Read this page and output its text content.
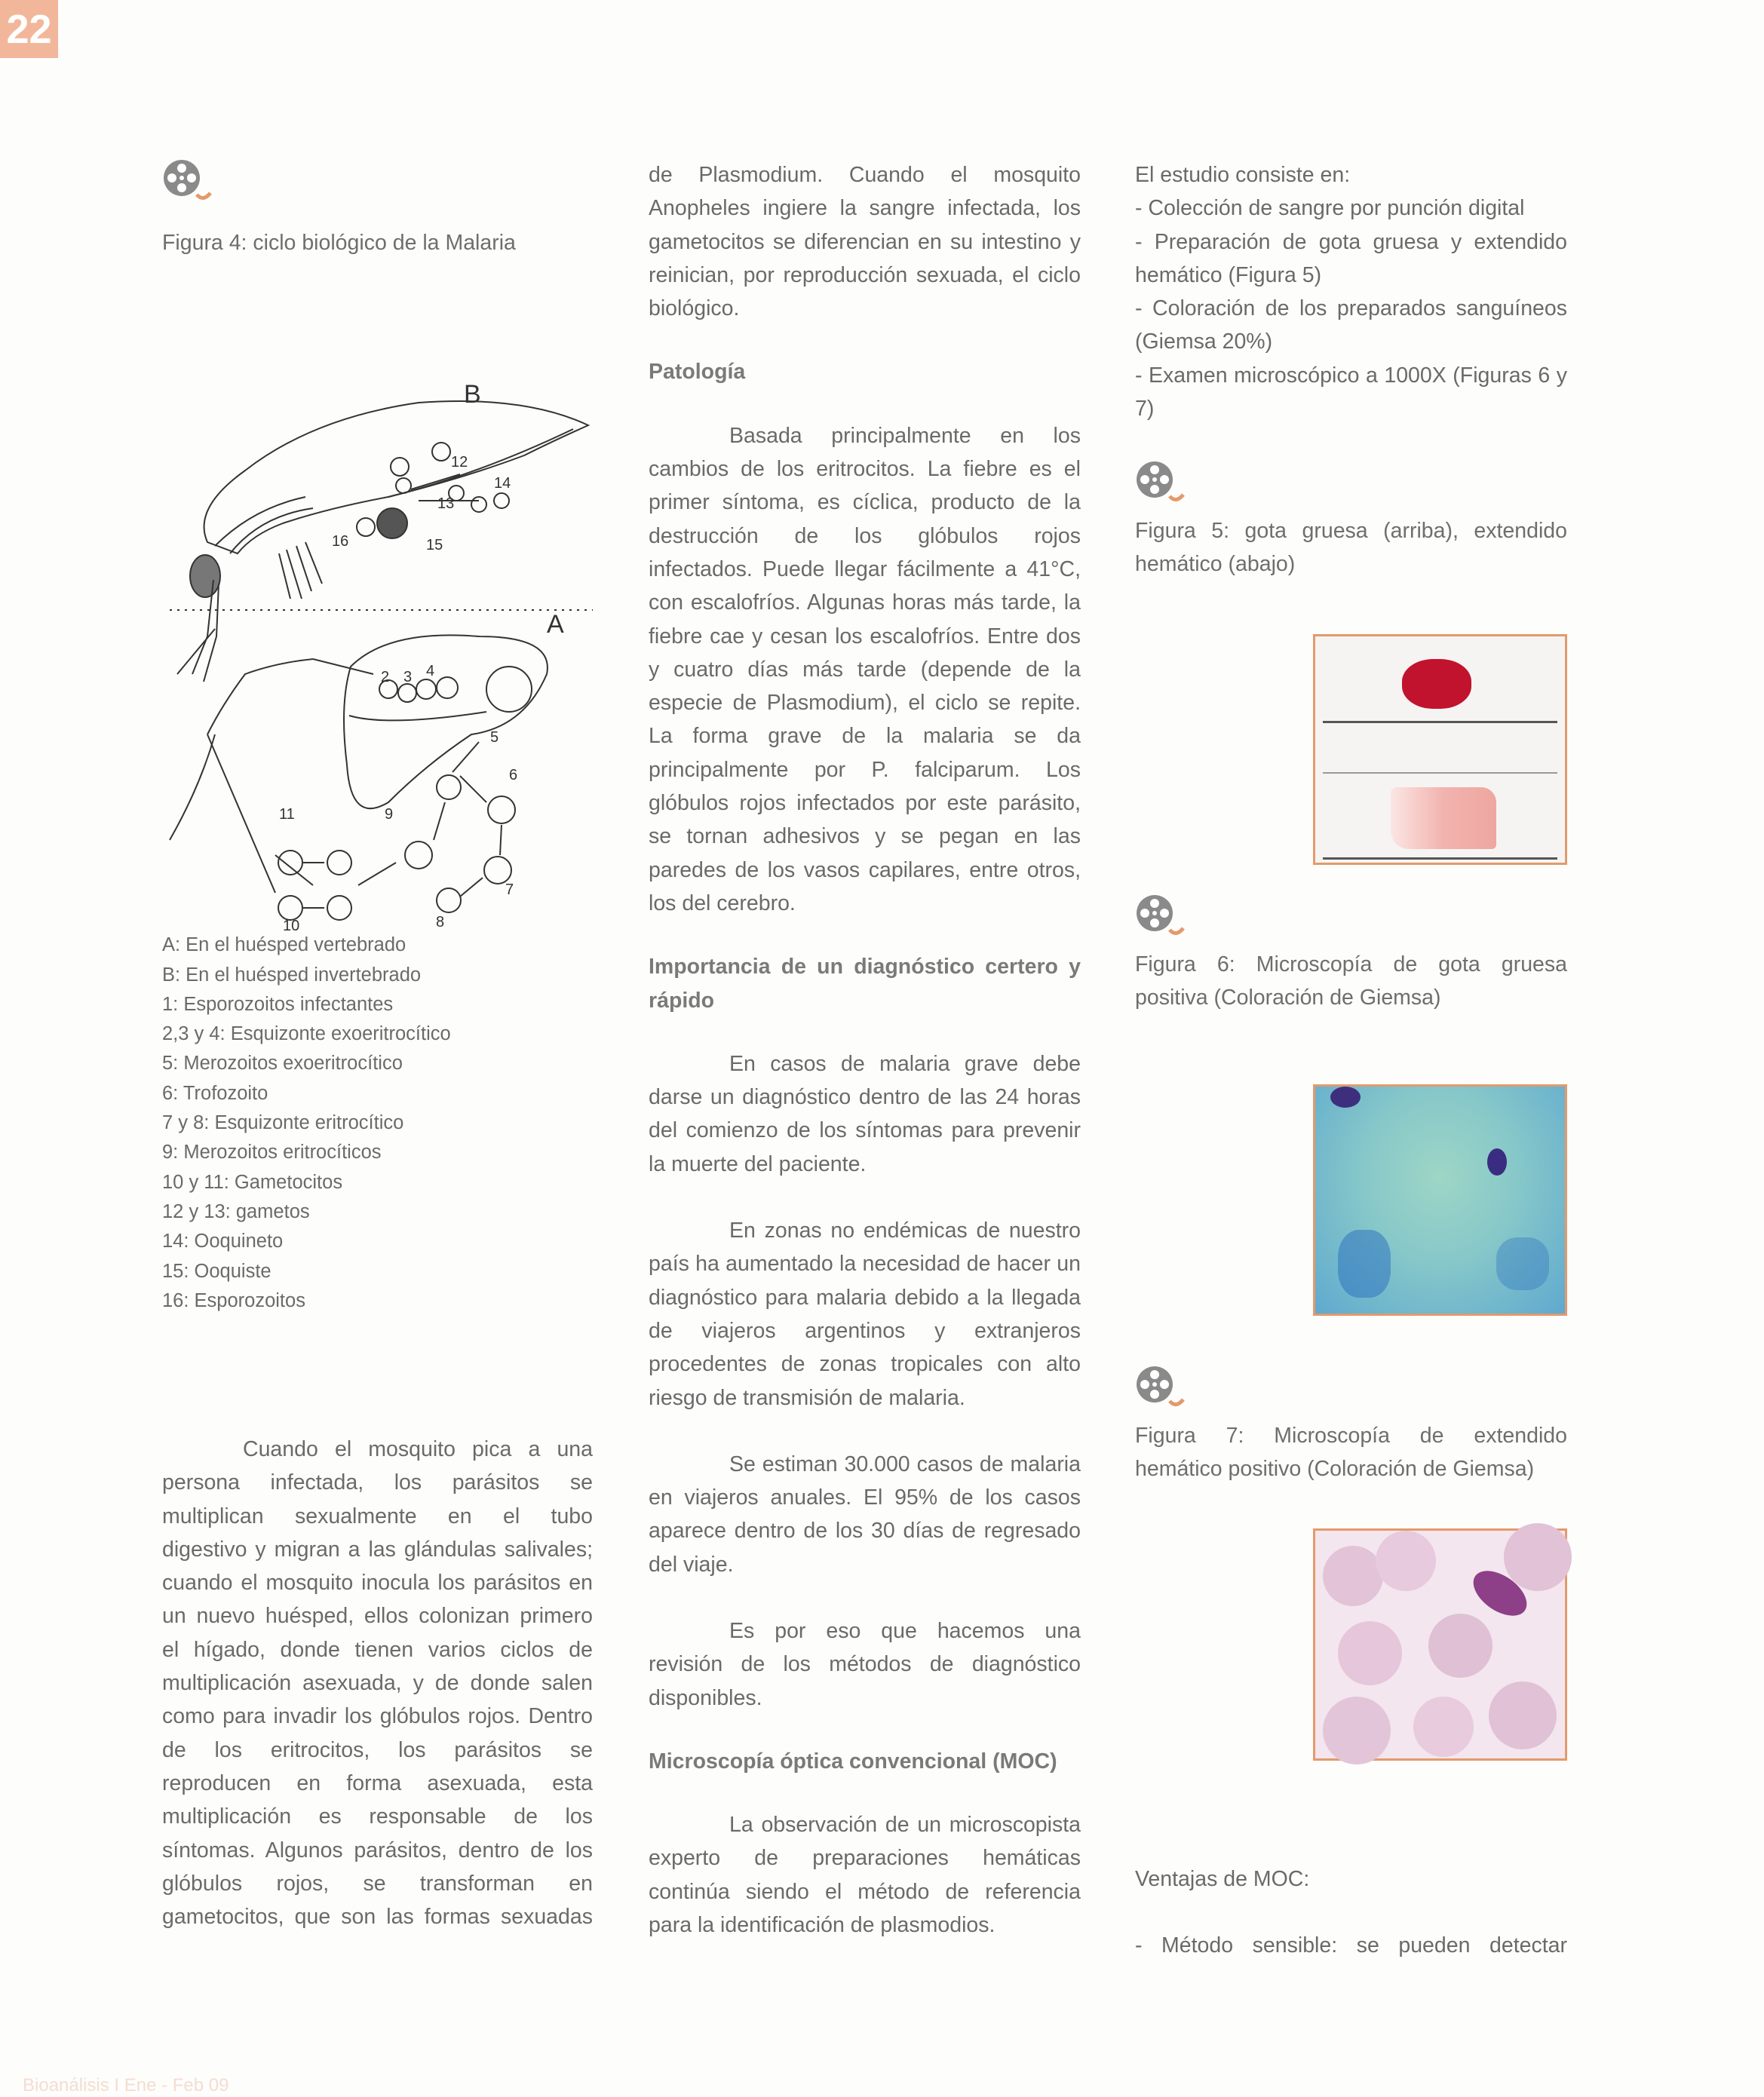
22

Figura 4: ciclo biológico de la Malaria

B
A
12
14
13
16	15
2 3 4
5
6
7
8
9
10
11

A: En el huésped vertebrado

B: En el huésped invertebrado

1: Esporozoitos infectantes

2,3 y 4: Esquizonte exoeritrocítico

5: Merozoitos exoeritrocítico

6: Trofozoito

7 y 8: Esquizonte eritrocítico

9: Merozoitos eritrocíticos

10 y 11: Gametocitos

12 y 13: gametos

14: Ooquineto

15: Ooquiste

16: Esporozoitos

Cuando el mosquito pica a una

persona infectada, los parásitos se

multiplican sexualmente en el tubo

digestivo y migran a las glándulas salivales;

cuando el mosquito inocula los parásitos en

un nuevo huésped, ellos colonizan primero

el hígado, donde tienen varios ciclos de

multiplicación asexuada, y de donde salen

como para invadir los glóbulos rojos. Dentro

de los eritrocitos, los parásitos se

reproducen en forma asexuada, esta

multiplicación es responsable de los

síntomas. Algunos parásitos, dentro de los

glóbulos rojos, se transforman en

gametocitos, que son las formas sexuadas

de Plasmodium. Cuando el mosquito

Anopheles ingiere la sangre infectada, los

gametocitos se diferencian en su intestino y

reinician, por reproducción sexuada, el ciclo

biológico.

Patología

Basada principalmente en los

cambios de los eritrocitos. La fiebre es el

primer síntoma, es cíclica, producto de la

destrucción de los glóbulos rojos

infectados. Puede llegar fácilmente a 41°C,

con escalofríos. Algunas horas más tarde, la

fiebre cae y cesan los escalofríos. Entre dos

y cuatro días más tarde (depende de la

especie de Plasmodium), el ciclo se repite.

La forma grave de la malaria se da

principalmente por P. falciparum. Los

glóbulos rojos infectados por este parásito,

se tornan adhesivos y se pegan en las

paredes de los vasos capilares, entre otros,

los del cerebro.

Importancia de un diagnóstico certero y

rápido

En casos de malaria grave debe

darse un diagnóstico dentro de las 24 horas

del comienzo de los síntomas para prevenir

la muerte del paciente.

En zonas no endémicas de nuestro

país ha aumentado la necesidad de hacer un

diagnóstico para malaria debido a la llegada

de viajeros argentinos y extranjeros

procedentes de zonas tropicales con alto

riesgo de transmisión de malaria.

Se estiman 30.000 casos de malaria

en viajeros anuales. El 95% de los casos

aparece dentro de los 30 días de regresado

del viaje.

Es por eso que hacemos una

revisión de los métodos de diagnóstico

disponibles.

Microscopía óptica convencional (MOC)

La observación de un microscopista

experto de preparaciones hemáticas

continúa siendo el método de referencia

para la identificación de plasmodios.

El estudio consiste en:

- Colección de sangre por punción digital

- Preparación de gota gruesa y extendido

hemático (Figura 5)

- Coloración de los preparados sanguíneos

(Giemsa 20%)

- Examen microscópico a 1000X (Figuras 6 y

7)

Figura 5: gota gruesa (arriba), extendido

hemático (abajo)

Figura 6: Microscopía de gota gruesa

positiva (Coloración de Giemsa)

Figura 7: Microscopía de extendido

hemático positivo (Coloración de Giemsa)

Ventajas de MOC:

- Método sensible: se pueden detectar

Bioanálisis I Ene - Feb 09
